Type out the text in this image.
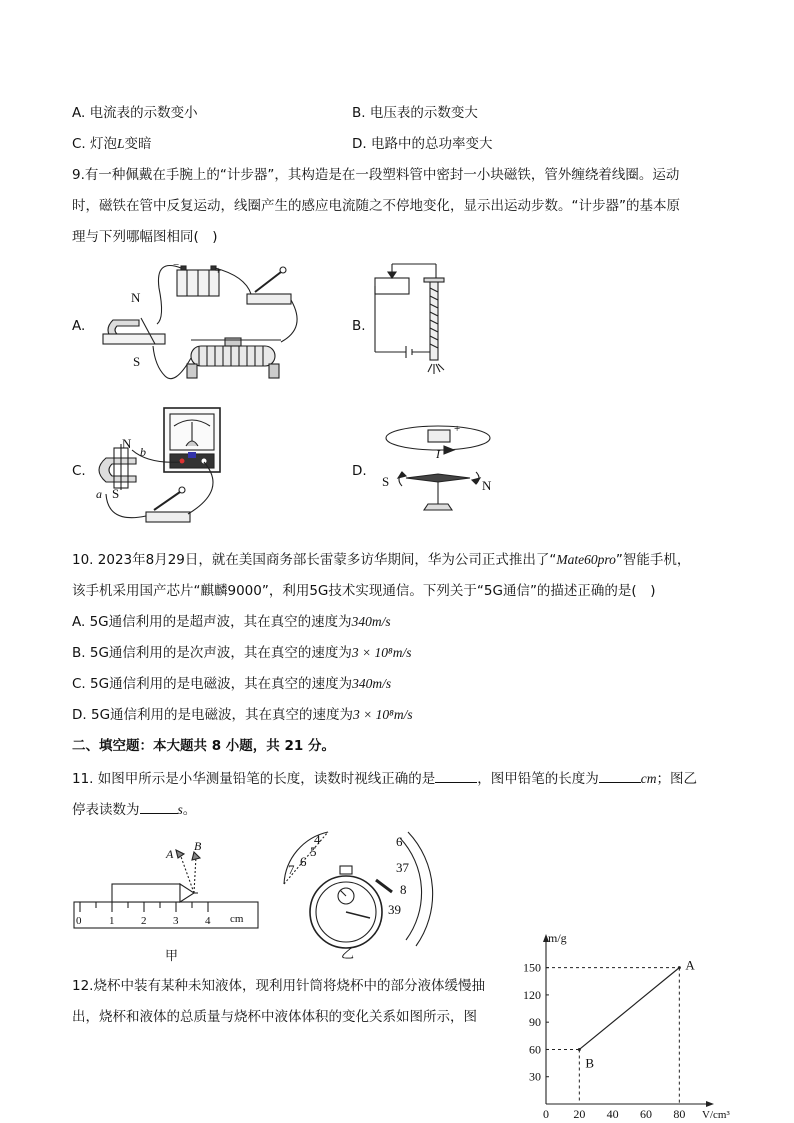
A. 电流表的示数变小	B. 电压表的示数变大
C. 灯泡L变暗	D. 电路中的总功率变大
9.有一种佩戴在手腕上的“计步器”，其构造是在一段塑料管中密封一小块磁铁，管外缠绕着线圈。运动
时，磁铁在管中反复运动，线圈产生的感应电流随之不停地变化，显示出运动步数。“计步器”的基本原
理与下列哪幅图相同(　)
A.	B.
C.	D.
N
S
−	+
N
S
b
a
S	N
I
− +
10. 2023年8月29日，就在美国商务部长雷蒙多访华期间，华为公司正式推出了“Mate60pro”智能手机，
该手机采用国产芯片“麒麟9000”，利用5G技术实现通信。下列关于“5G通信”的描述正确的是(　)
A. 5G通信利用的是超声波，其在真空的速度为340m/s
B. 5G通信利用的是次声波，其在真空的速度为3 × 10⁸m/s
C. 5G通信利用的是电磁波，其在真空的速度为340m/s
D. 5G通信利用的是电磁波，其在真空的速度为3 × 10⁸m/s
二、填空题：本大题共 8 小题，共 21 分。
11. 如图甲所示是小华测量铅笔的长度，读数时视线正确的是	，图甲铅笔的长度为	cm；图乙
停表读数为	s。
0	1 2 3 4 cm
A
B
甲
7
6
5
4	6
37
8
39
乙
12.烧杯中装有某种未知液体，现利用针筒将烧杯中的部分液体缓慢抽
出，烧杯和液体的总质量与烧杯中液体体积的变化关系如图所示，图
m/g
V/cm³
0 20 40 60 80
30
60
90
120
150
B
A
